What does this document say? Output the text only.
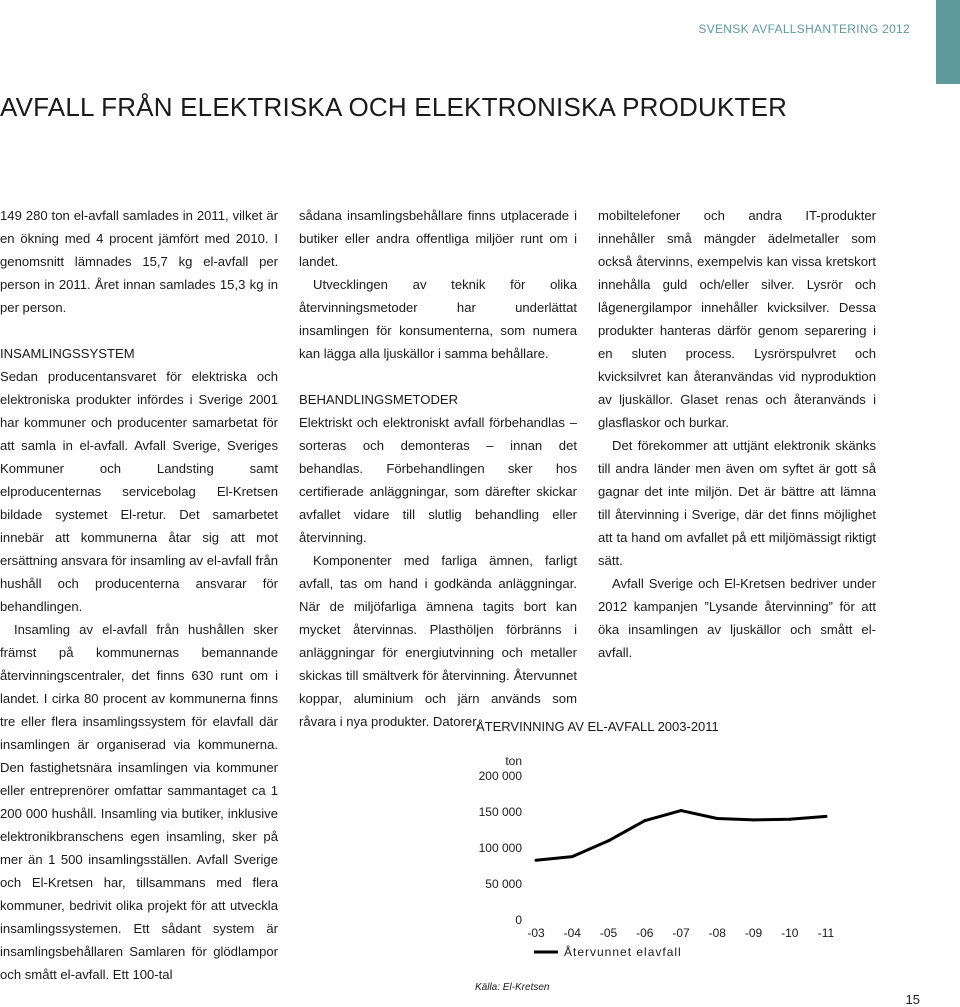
SVENSK AVFALLSHANTERING 2012
AVFALL FRÅN ELEKTRISKA OCH ELEKTRONISKA PRODUKTER

149 280 ton el-avfall samlades in 2011, vilket är en ökning med 4 procent jämfört med 2010. I genomsnitt lämnades 15,7 kg el-avfall per person in 2011. Året innan samlades 15,3 kg in per person.

INSAMLINGSSYSTEM

Sedan producentansvaret för elektriska och elektroniska produkter infördes i Sverige 2001 har kommuner och producenter samarbetat för att samla in el-avfall. Avfall Sverige, Sveriges Kommuner och Landsting samt elproducenternas servicebolag El-Kretsen bildade systemet El-retur. Det samarbetet innebär att kommunerna åtar sig att mot ersättning ansvara för insamling av el-avfall från hushåll och producenterna ansvarar för behandlingen.

Insamling av el-avfall från hushållen sker främst på kommunernas bemannande återvinningscentraler, det finns 630 runt om i landet. I cirka 80 procent av kommunerna finns tre eller flera insamlingssystem för elavfall där insamlingen är organiserad via kommunerna. Den fastighetsnära insamlingen via kommuner eller entreprenörer omfattar sammantaget ca 1 200 000 hushåll. Insamling via butiker, inklusive elektronikbranschens egen insamling, sker på mer än 1 500 insamlingsställen. Avfall Sverige och El-Kretsen har, tillsammans med flera kommuner, bedrivit olika projekt för att utveckla insamlingssystemen. Ett sådant system är insamlingsbehållaren Samlaren för glödlampor och smått el-avfall. Ett 100-tal

sådana insamlingsbehållare finns utplacerade i butiker eller andra offentliga miljöer runt om i landet.

Utvecklingen av teknik för olika återvinningsmetoder har underlättat insamlingen för konsumenterna, som numera kan lägga alla ljuskällor i samma behållare.

BEHANDLINGSMETODER

Elektriskt och elektroniskt avfall förbehandlas – sorteras och demonteras – innan det behandlas. Förbehandlingen sker hos certifierade anläggningar, som därefter skickar avfallet vidare till slutlig behandling eller återvinning.

Komponenter med farliga ämnen, farligt avfall, tas om hand i godkända anläggningar. När de miljöfarliga ämnena tagits bort kan mycket återvinnas. Plasthöljen förbränns i anläggningar för energiutvinning och metaller skickas till smältverk för återvinning. Återvunnet koppar, aluminium och järn används som råvara i nya produkter. Datorer,

mobiltelefoner och andra IT-produkter innehåller små mängder ädelmetaller som också återvinns, exempelvis kan vissa kretskort innehålla guld och/eller silver. Lysrör och lågenergilampor innehåller kvicksilver. Dessa produkter hanteras därför genom separering i en sluten process. Lysrörspulvret och kvicksilvret kan återanvändas vid nyproduktion av ljuskällor. Glaset renas och återanvänds i glasflaskor och burkar.

Det förekommer att uttjänt elektronik skänks till andra länder men även om syftet är gott så gagnar det inte miljön. Det är bättre att lämna till återvinning i Sverige, där det finns möjlighet att ta hand om avfallet på ett miljömässigt riktigt sätt.

Avfall Sverige och El-Kretsen bedriver under 2012 kampanjen ”Lysande återvinning” för att öka insamlingen av ljuskällor och smått el-avfall.

ÅTERVINNING AV EL-AVFALL 2003-2011
ton
200 000
150 000
100 000
50 000
0
-03 -04 -05 -06 -07 -08 -09 -10 -11
Återvunnet elavfall
Källa: El-Kretsen
15
